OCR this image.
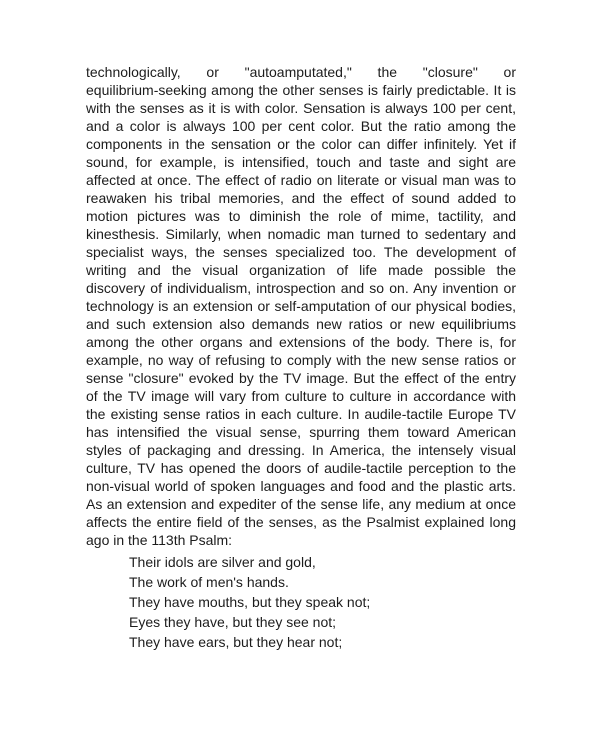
technologically, or "autoamputated," the "closure" or
equilibrium-seeking among the other senses is fairly predictable. It is
with the senses as it is with color. Sensation is always 100 per cent,
and a color is always 100 per cent color. But the ratio among the
components in the sensation or the color can differ infinitely. Yet if
sound, for example, is intensified, touch and taste and sight are
affected at once. The effect of radio on literate or visual man was to
reawaken his tribal memories, and the effect of sound added to
motion pictures was to diminish the role of mime, tactility, and
kinesthesis. Similarly, when nomadic man turned to sedentary and
specialist ways, the senses specialized too. The development of
writing and the visual organization of life made possible the
discovery of individualism, introspection and so on. Any invention or
technology is an extension or self-amputation of our physical bodies,
and such extension also demands new ratios or new equilibriums
among the other organs and extensions of the body. There is, for
example, no way of refusing to comply with the new sense ratios or
sense "closure" evoked by the TV image. But the effect of the entry
of the TV image will vary from culture to culture in accordance with
the existing sense ratios in each culture. In audile-tactile Europe TV
has intensified the visual sense, spurring them toward American
styles of packaging and dressing. In America, the intensely visual
culture, TV has opened the doors of audile-tactile perception to the
non-visual world of spoken languages and food and the plastic arts.
As an extension and expediter of the sense life, any medium at once
affects the entire field of the senses, as the Psalmist explained long
ago in the 113th Psalm:
Their idols are silver and gold,
The work of men's hands.
They have mouths, but they speak not;
Eyes they have, but they see not;
They have ears, but they hear not;
